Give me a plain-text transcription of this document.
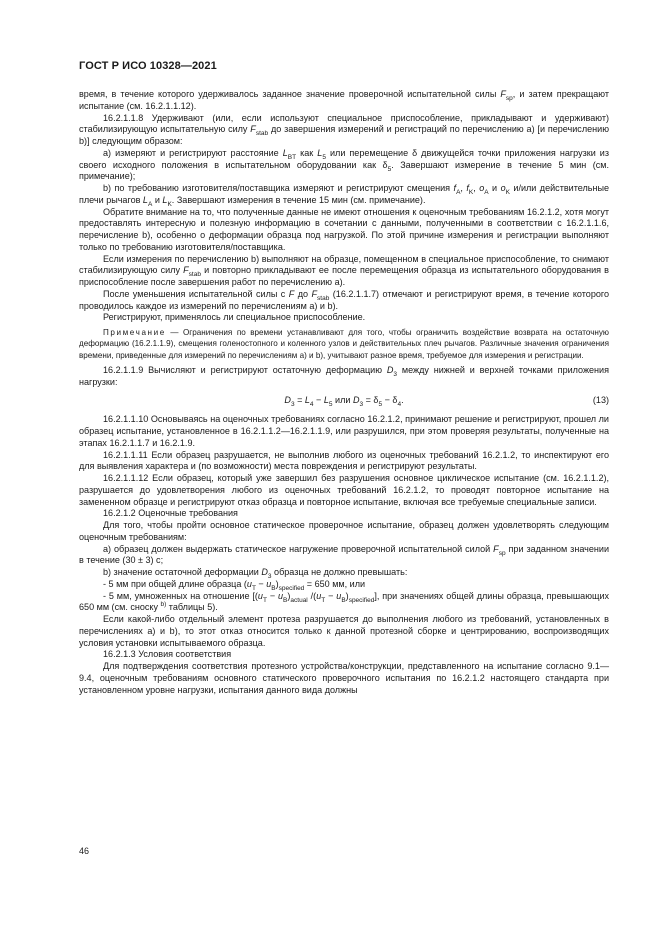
ГОСТ Р ИСО 10328—2021

время, в течение которого удерживалось заданное значение проверочной испытательной силы $F_{sp}$, и затем прекращают испытание (см. 16.2.1.1.12).

16.2.1.1.8 Удерживают (или, если используют специальное приспособление, прикладывают и удерживают) стабилизирующую испытательную силу $F_{stab}$ до завершения измерений и регистраций по перечислению а) [и перечислению b)] следующим образом:

а) измеряют и регистрируют расстояние $L_{BT}$ как $L_5$ или перемещение δ движущейся точки приложения нагрузки из своего исходного положения в испытательном оборудовании как $\delta_5$. Завершают измерение в течение 5 мин (см. примечание);

b) по требованию изготовителя/поставщика измеряют и регистрируют смещения $f_A$, $f_K$, $o_A$ и $o_K$ и/или действительные плечи рычагов $L_A$ и $L_K$. Завершают измерения в течение 15 мин (см. примечание).

Обратите внимание на то, что полученные данные не имеют отношения к оценочным требованиям 16.2.1.2, хотя могут предоставлять интересную и полезную информацию в сочетании с данными, полученными в соответствии с 16.2.1.1.6, перечисление b), особенно о деформации образца под нагрузкой. По этой причине измерения и регистрации выполняют только по требованию изготовителя/поставщика.

Если измерения по перечислению b) выполняют на образце, помещенном в специальное приспособление, то снимают стабилизирующую силу $F_{stab}$ и повторно прикладывают ее после перемещения образца из испытательного оборудования в приспособление после завершения работ по перечислению а).

После уменьшения испытательной силы с F до $F_{stab}$ (16.2.1.1.7) отмечают и регистрируют время, в течение которого проводилось каждое из измерений по перечислениям а) и b).

Регистрируют, применялось ли специальное приспособление.

Примечание — Ограничения по времени устанавливают для того, чтобы ограничить воздействие возврата на остаточную деформацию (16.2.1.1.9), смещения голеностопного и коленного узлов и действительных плеч рычагов. Различные значения ограничения времени, приведенные для измерений по перечислениям а) и b), учитывают разное время, требуемое для измерения и регистрации.

16.2.1.1.9 Вычисляют и регистрируют остаточную деформацию $D_3$ между нижней и верхней точками приложения нагрузки:

$D_3 = L_4 - L_5$ или $D_3 = \delta_5 - \delta_4$.	(13)

16.2.1.1.10 Основываясь на оценочных требованиях согласно 16.2.1.2, принимают решение и регистрируют, прошел ли образец испытание, установленное в 16.2.1.1.2—16.2.1.1.9, или разрушился, при этом проверяя результаты, полученные на этапах 16.2.1.1.7 и 16.2.1.9.

16.2.1.1.11 Если образец разрушается, не выполнив любого из оценочных требований 16.2.1.2, то инспектируют его для выявления характера и (по возможности) места повреждения и регистрируют результаты.

16.2.1.1.12 Если образец, который уже завершил без разрушения основное циклическое испытание (см. 16.2.1.1.2), разрушается до удовлетворения любого из оценочных требований 16.2.1.2, то проводят повторное испытание на замененном образце и регистрируют отказ образца и повторное испытание, включая все требуемые специальные записи.

16.2.1.2 Оценочные требования

Для того, чтобы пройти основное статическое проверочное испытание, образец должен удовлетворять следующим оценочным требованиям:

а) образец должен выдержать статическое нагружение проверочной испытательной силой $F_{sp}$ при заданном значении в течение (30 ± 3) с;

b) значение остаточной деформации $D_3$ образца не должно превышать:

- 5 мм при общей длине образца $(u_T - u_B)_{specified} = 650$ мм, или

- 5 мм, умноженных на отношение [$(u_T - u_B)_{actual}$ $/(u_T - u_B)_{specified}$], при значениях общей длины образца, превышающих 650 мм (см. сноску $^{b)}$ таблицы 5).

Если какой-либо отдельный элемент протеза разрушается до выполнения любого из требований, установленных в перечислениях а) и b), то этот отказ относится только к данной протезной сборке и центрированию, воспроизводящих условия установки испытываемого образца.

16.2.1.3 Условия соответствия

Для подтверждения соответствия протезного устройства/конструкции, представленного на испытание согласно 9.1—9.4, оценочным требованиям основного статического проверочного испытания по 16.2.1.2 настоящего стандарта при установленном уровне нагрузки, испытания данного вида должны

46
